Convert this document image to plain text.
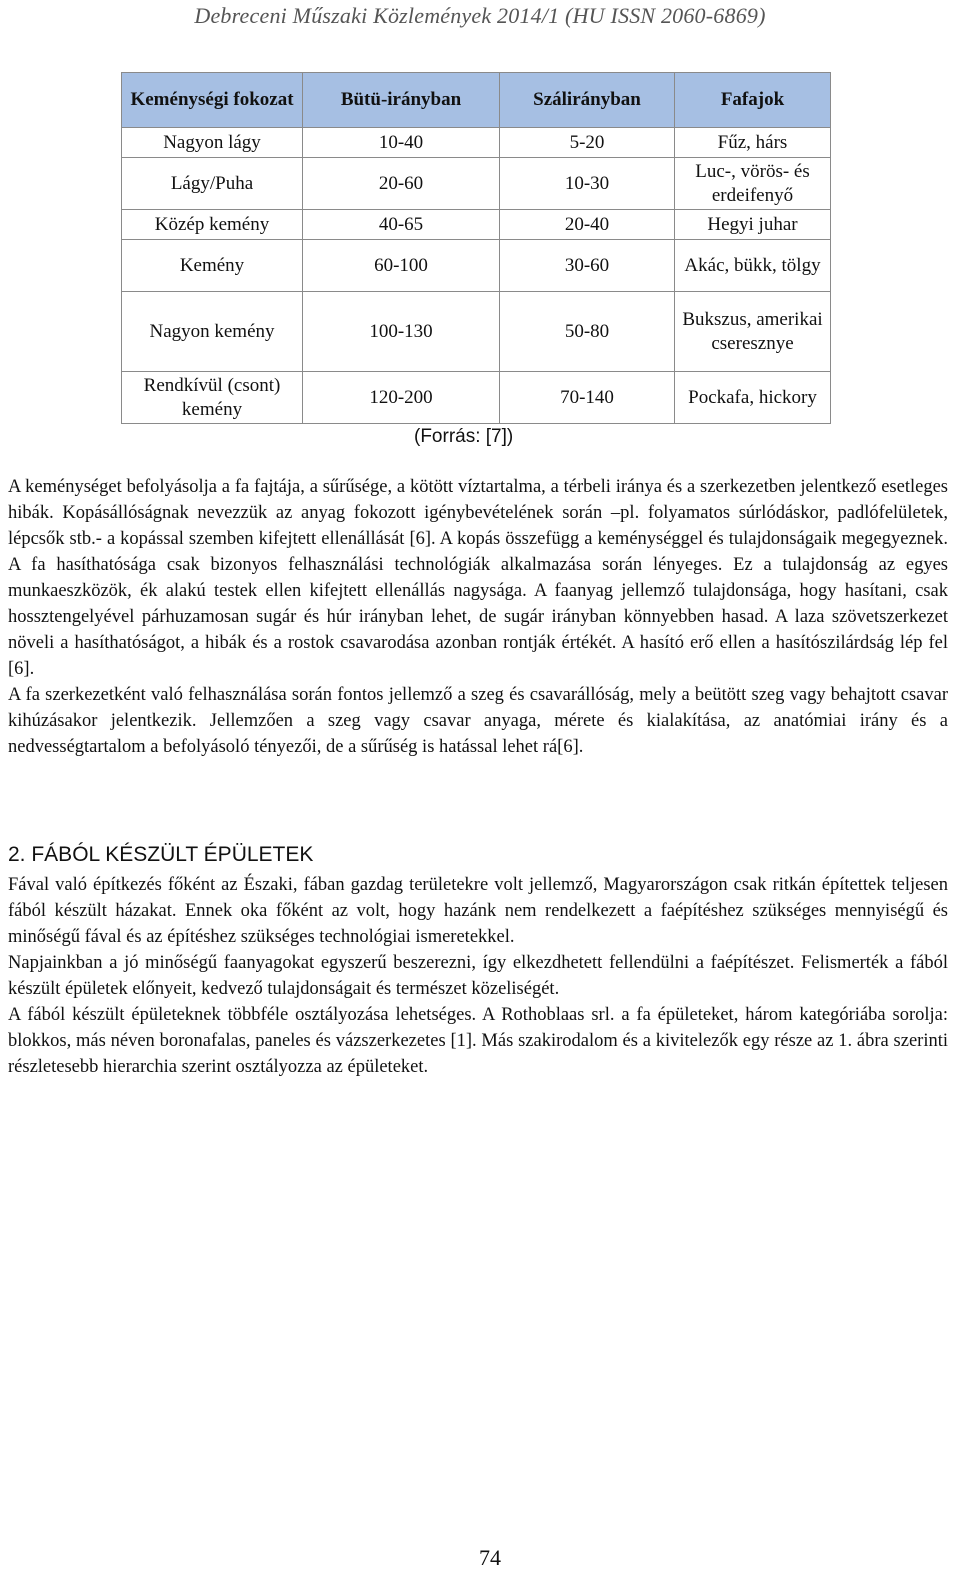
Debreceni Műszaki Közlemények 2014/1 (HU ISSN 2060-6869)
Keménységi fokozat	Bütü-irányban	Szálirányban	Fafajok
Nagyon lágy	10-40	5-20	Fűz, hárs
Lágy/Puha	20-60	10-30	Luc-, vörös- és erdeifenyő
Közép kemény	40-65	20-40	Hegyi juhar
Kemény	60-100	30-60	Akác, bükk, tölgy
Nagyon kemény	100-130	50-80	Bukszus, amerikai cseresznye
Rendkívül (csont) kemény	120-200	70-140	Pockafa, hickory
(Forrás: [7])

A keménységet befolyásolja a fa fajtája, a sűrűsége, a kötött víztartalma, a térbeli iránya és a szerkezetben jelentkező esetleges hibák. Kopásállóságnak nevezzük az anyag fokozott igénybevételének során –pl. folyamatos súrlódáskor, padlófelületek, lépcsők stb.- a kopással szemben kifejtett ellenállását [6]. A kopás összefügg a keménységgel és tulajdonságaik megegyeznek. A fa hasíthatósága csak bizonyos felhasználási technológiák alkalmazása során lényeges. Ez a tulajdonság az egyes munkaeszközök, ék alakú testek ellen kifejtett ellenállás nagysága. A faanyag jellemző tulajdonsága, hogy hasítani, csak hossztengelyével párhuzamosan sugár és húr irányban lehet, de sugár irányban könnyebben hasad. A laza szövetszerkezet növeli a hasíthatóságot, a hibák és a rostok csavarodása azonban rontják értékét. A hasító erő ellen a hasítószilárdság lép fel [6].

A fa szerkezetként való felhasználása során fontos jellemző a szeg és csavarállóság, mely a beütött szeg vagy behajtott csavar kihúzásakor jelentkezik. Jellemzően a szeg vagy csavar anyaga, mérete és kialakítása, az anatómiai irány és a nedvességtartalom a befolyásoló tényezői, de a sűrűség is hatással lehet rá[6].

2. FÁBÓL KÉSZÜLT ÉPÜLETEK

Fával való építkezés főként az Északi, fában gazdag területekre volt jellemző, Magyarországon csak ritkán építettek teljesen fából készült házakat. Ennek oka főként az volt, hogy hazánk nem rendelkezett a faépítéshez szükséges mennyiségű és minőségű fával és az építéshez szükséges technológiai ismeretekkel.

Napjainkban a jó minőségű faanyagokat egyszerű beszerezni, így elkezdhetett fellendülni a faépítészet. Felismerték a fából készült épületek előnyeit, kedvező tulajdonságait és természet közeliségét.

A fából készült épületeknek többféle osztályozása lehetséges. A Rothoblaas srl. a fa épületeket, három kategóriába sorolja: blokkos, más néven boronafalas, paneles és vázszerkezetes [1]. Más szakirodalom és a kivitelezők egy része az 1. ábra szerinti részletesebb hierarchia szerint osztályozza az épületeket.

74
